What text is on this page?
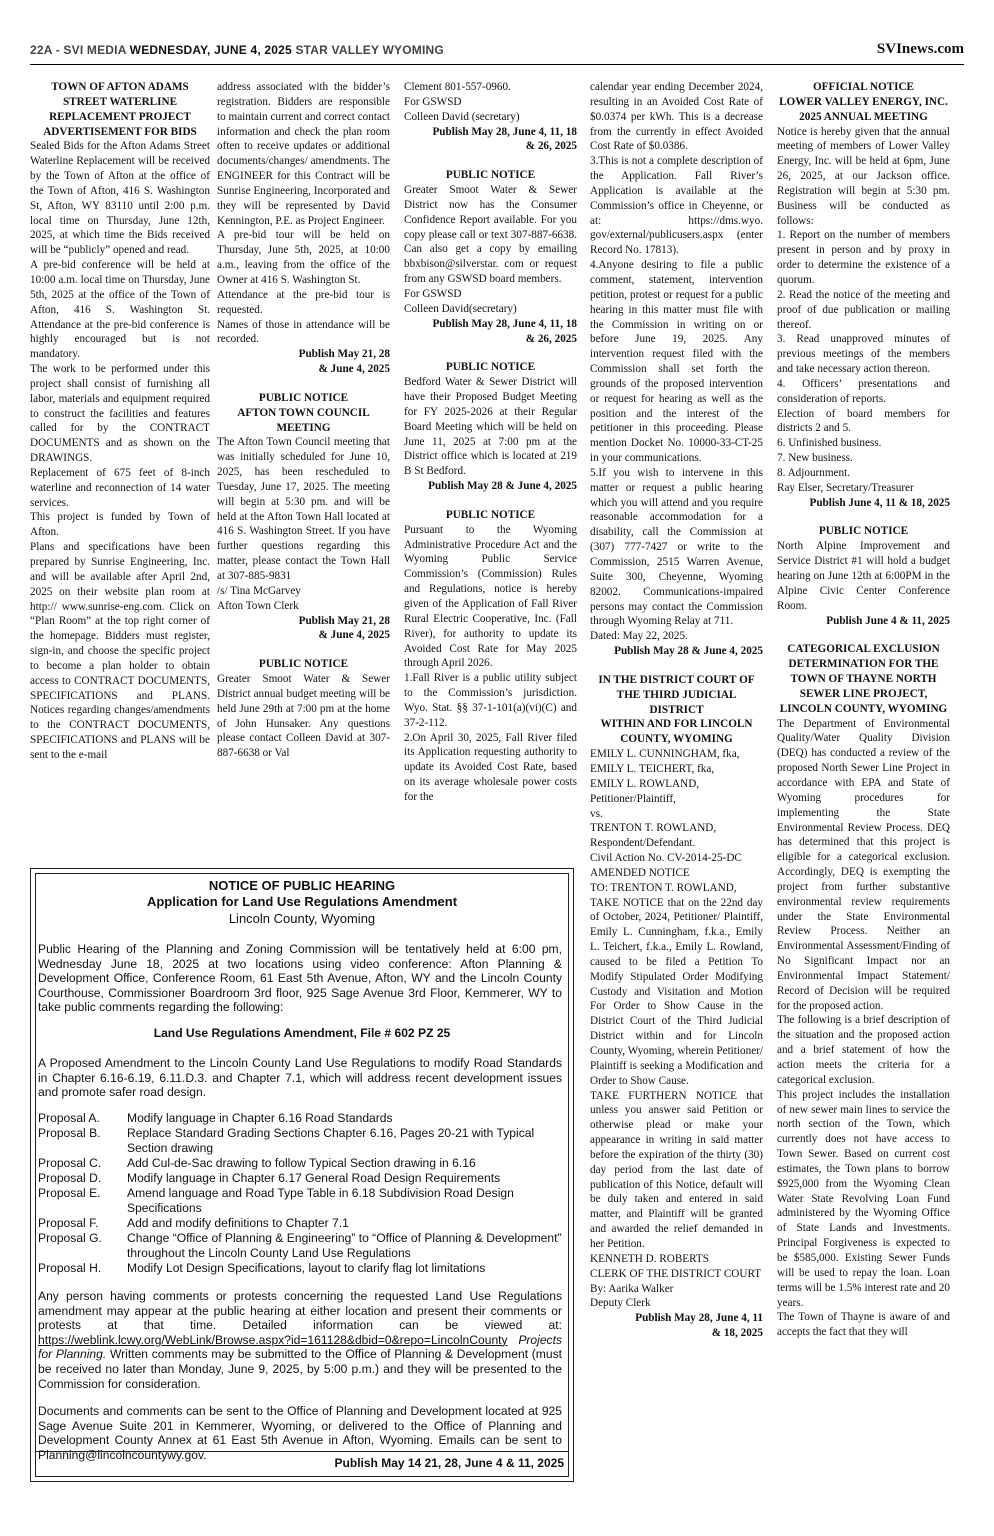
22A - SVI MEDIA WEDNESDAY, JUNE 4, 2025 STAR VALLEY WYOMING	SVInews.com

TOWN OF AFTON ADAMS STREET WATERLINE REPLACEMENT PROJECT ADVERTISEMENT FOR BIDS

Sealed Bids for the Afton Adams Street Waterline Replacement will be received by the Town of Afton at the office of the Town of Afton, 416 S. Washington St, Afton, WY 83110 until 2:00 p.m. local time on Thursday, June 12th, 2025, at which time the Bids received will be “publicly” opened and read.

A pre-bid conference will be held at 10:00 a.m. local time on Thursday, June 5th, 2025 at the office of the Town of Afton, 416 S. Washington St. Attendance at the pre-bid conference is highly encouraged but is not mandatory.

The work to be performed under this project shall consist of furnishing all labor, materials and equipment required to construct the facilities and features called for by the CONTRACT DOCUMENTS and as shown on the DRAWINGS.

Replacement of 675 feet of 8-inch waterline and reconnection of 14 water services.

This project is funded by Town of Afton.

Plans and specifications have been prepared by Sunrise Engineering, Inc. and will be available after April 2nd, 2025 on their website plan room at http:// www.sunrise-eng.com. Click on “Plan Room” at the top right corner of the homepage. Bidders must register, sign-in, and choose the specific project to become a plan holder to obtain access to CONTRACT DOCUMENTS, SPECIFICATIONS and PLANS. Notices regarding changes/amendments to the CONTRACT DOCUMENTS, SPECIFICATIONS and PLANS will be sent to the e-mail

address associated with the bidder’s registration. Bidders are responsible to maintain current and correct contact information and check the plan room often to receive updates or additional documents/changes/ amendments. The ENGINEER for this Contract will be Sunrise Engineering, Incorporated and they will be represented by David Kennington, P.E. as Project Engineer.

A pre-bid tour will be held on Thursday, June 5th, 2025, at 10:00 a.m., leaving from the office of the Owner at 416 S. Washington St.

Attendance at the pre-bid tour is requested.

Names of those in attendance will be recorded.

Publish May 21, 28

& June 4, 2025

PUBLIC NOTICE

AFTON TOWN COUNCIL MEETING

The Afton Town Council meeting that was initially scheduled for June 10, 2025, has been rescheduled to Tuesday, June 17, 2025. The meeting will begin at 5:30 pm. and will be held at the Afton Town Hall located at 416 S. Washington Street. If you have further questions regarding this matter, please contact the Town Hall at 307-885-9831

/s/ Tina McGarvey

Afton Town Clerk

Publish May 21, 28

& June 4, 2025

PUBLIC NOTICE

Greater Smoot Water & Sewer District annual budget meeting will be held June 29th at 7:00 pm at the home of John Hunsaker. Any questions please contact Colleen David at 307-887-6638 or Val

Clement 801-557-0960.

For GSWSD

Colleen David (secretary)

Publish May 28, June 4, 11, 18

& 26, 2025

PUBLIC NOTICE

Greater Smoot Water & Sewer District now has the Consumer Confidence Report available. For you copy please call or text 307-887-6638. Can also get a copy by emailing bbxbison@silverstar. com or request from any GSWSD board members.

For GSWSD

Colleen David(secretary)

Publish May 28, June 4, 11, 18

& 26, 2025

PUBLIC NOTICE

Bedford Water & Sewer District will have their Proposed Budget Meeting for FY 2025-2026 at their Regular Board Meeting which will be held on June 11, 2025 at 7:00 pm at the District office which is located at 219 B St Bedford.

Publish May 28 & June 4, 2025

PUBLIC NOTICE

Pursuant to the Wyoming Administrative Procedure Act and the Wyoming Public Service Commission’s (Commission) Rules and Regulations, notice is hereby given of the Application of Fall River Rural Electric Cooperative, Inc. (Fall River), for authority to update its Avoided Cost Rate for May 2025 through April 2026.

1.Fall River is a public utility subject to the Commission’s jurisdiction. Wyo. Stat. §§ 37-1-101(a)(vi)(C) and 37-2-112.

2.On April 30, 2025, Fall River filed its Application requesting authority to update its Avoided Cost Rate, based on its average wholesale power costs for the

calendar year ending December 2024, resulting in an Avoided Cost Rate of $0.0374 per kWh. This is a decrease from the currently in effect Avoided Cost Rate of $0.0386.

3.This is not a complete description of the Application. Fall River’s Application is available at the Commission’s office in Cheyenne, or at: https://dms.wyo. gov/external/publicusers.aspx (enter Record No. 17813).

4.Anyone desiring to file a public comment, statement, intervention petition, protest or request for a public hearing in this matter must file with the Commission in writing on or before June 19, 2025. Any intervention request filed with the Commission shall set forth the grounds of the proposed intervention or request for hearing as well as the position and the interest of the petitioner in this proceeding. Please mention Docket No. 10000-33-CT-25 in your communications.

5.If you wish to intervene in this matter or request a public hearing which you will attend and you require reasonable accommodation for a disability, call the Commission at (307) 777-7427 or write to the Commission, 2515 Warren Avenue, Suite 300, Cheyenne, Wyoming 82002. Communications-impaired persons may contact the Commission through Wyoming Relay at 711.

Dated: May 22, 2025.

Publish May 28 & June 4, 2025

IN THE DISTRICT COURT OF THE THIRD JUDICIAL DISTRICT

WITHIN AND FOR LINCOLN COUNTY, WYOMING

EMILY L. CUNNINGHAM, fka,

EMILY L. TEICHERT, fka,

EMILY L. ROWLAND,

Petitioner/Plaintiff,

vs.

TRENTON T. ROWLAND,

Respondent/Defendant.

Civil Action No. CV-2014-25-DC

AMENDED NOTICE

TO: TRENTON T. ROWLAND,

TAKE NOTICE that on the 22nd day of October, 2024, Petitioner/ Plaintiff, Emily L. Cunningham, f.k.a., Emily L. Teichert, f.k.a., Emily L. Rowland, caused to be filed a Petition To Modify Stipulated Order Modifying Custody and Visitation and Motion For Order to Show Cause in the District Court of the Third Judicial District within and for Lincoln County, Wyoming, wherein Petitioner/ Plaintiff is seeking a Modification and Order to Show Cause.

TAKE FURTHERN NOTICE that unless you answer said Petition or otherwise plead or make your appearance in writing in said matter before the expiration of the thirty (30) day period from the last date of publication of this Notice, default will be duly taken and entered in said matter, and Plaintiff will be granted and awarded the relief demanded in her Petition.

KENNETH D. ROBERTS

CLERK OF THE DISTRICT COURT

By: Aarika Walker

Deputy Clerk

Publish May 28, June 4, 11

& 18, 2025

OFFICIAL NOTICE

LOWER VALLEY ENERGY, INC.

2025 ANNUAL MEETING

Notice is hereby given that the annual meeting of members of Lower Valley Energy, Inc. will be held at 6pm, June 26, 2025, at our Jackson office. Registration will begin at 5:30 pm. Business will be conducted as follows:

1. Report on the number of members present in person and by proxy in order to determine the existence of a quorum.

2. Read the notice of the meeting and proof of due publication or mailing thereof.

3. Read unapproved minutes of previous meetings of the members and take necessary action thereon.

4. Officers’ presentations and consideration of reports.

Election of board members for districts 2 and 5.

6. Unfinished business.

7. New business.

8. Adjournment.

Ray Elser, Secretary/Treasurer

Publish June 4, 11 & 18, 2025

PUBLIC NOTICE

North Alpine Improvement and Service District #1 will hold a budget hearing on June 12th at 6:00PM in the Alpine Civic Center Conference Room.

Publish June 4 & 11, 2025

CATEGORICAL EXCLUSION DETERMINATION FOR THE TOWN OF THAYNE NORTH SEWER LINE PROJECT, LINCOLN COUNTY, WYOMING

The Department of Environmental Quality/Water Quality Division (DEQ) has conducted a review of the proposed North Sewer Line Project in accordance with EPA and State of Wyoming procedures for implementing the State Environmental Review Process. DEQ has determined that this project is eligible for a categorical exclusion. Accordingly, DEQ is exempting the project from further substantive environmental review requirements under the State Environmental Review Process. Neither an Environmental Assessment/Finding of No Significant Impact nor an Environmental Impact Statement/ Record of Decision will be required for the proposed action.

The following is a brief description of the situation and the proposed action and a brief statement of how the action meets the criteria for a categorical exclusion.

This project includes the installation of new sewer main lines to service the north section of the Town, which currently does not have access to Town Sewer. Based on current cost estimates, the Town plans to borrow $925,000 from the Wyoming Clean Water State Revolving Loan Fund administered by the Wyoming Office of State Lands and Investments. Principal Forgiveness is expected to be $585,000. Existing Sewer Funds will be used to repay the loan. Loan terms will be 1.5% interest rate and 20 years.

The Town of Thayne is aware of and accepts the fact that they will

NOTICE OF PUBLIC HEARING
Application for Land Use Regulations Amendment
Lincoln County, Wyoming
Public Hearing of the Planning and Zoning Commission will be tentatively held at 6:00 pm, Wednesday June 18, 2025 at two locations using video conference: Afton Planning & Development Office, Conference Room, 61 East 5th Avenue, Afton, WY and the Lincoln County Courthouse, Commissioner Boardroom 3rd floor, 925 Sage Avenue 3rd Floor, Kemmerer, WY to take public comments regarding the following:
Land Use Regulations Amendment, File # 602 PZ 25
A Proposed Amendment to the Lincoln County Land Use Regulations to modify Road Standards in Chapter 6.16-6.19, 6.11.D.3. and Chapter 7.1, which will address recent development issues and promote safer road design.
Proposal A. Modify language in Chapter 6.16 Road Standards
Proposal B. Replace Standard Grading Sections Chapter 6.16, Pages 20-21 with Typical Section drawing
Proposal C. Add Cul-de-Sac drawing to follow Typical Section drawing in 6.16
Proposal D. Modify language in Chapter 6.17 General Road Design Requirements
Proposal E. Amend language and Road Type Table in 6.18 Subdivision Road Design Specifications
Proposal F. Add and modify definitions to Chapter 7.1
Proposal G. Change “Office of Planning & Engineering” to “Office of Planning & Development” throughout the Lincoln County Land Use Regulations
Proposal H. Modify Lot Design Specifications, layout to clarify flag lot limitations
Any person having comments or protests concerning the requested Land Use Regulations amendment may appear at the public hearing at either location and present their comments or protests at that time. Detailed information can be viewed at: https://weblink.lcwy.org/WebLink/Browse.aspx?id=161128&dbid=0&repo=LincolnCounty Projects for Planning. Written comments may be submitted to the Office of Planning & Development (must be received no later than Monday, June 9, 2025, by 5:00 p.m.) and they will be presented to the Commission for consideration.
Documents and comments can be sent to the Office of Planning and Development located at 925 Sage Avenue Suite 201 in Kemmerer, Wyoming, or delivered to the Office of Planning and Development County Annex at 61 East 5th Avenue in Afton, Wyoming. Emails can be sent to Planning@lincolncountywy.gov.
Publish May 14 21, 28, June 4 & 11, 2025
